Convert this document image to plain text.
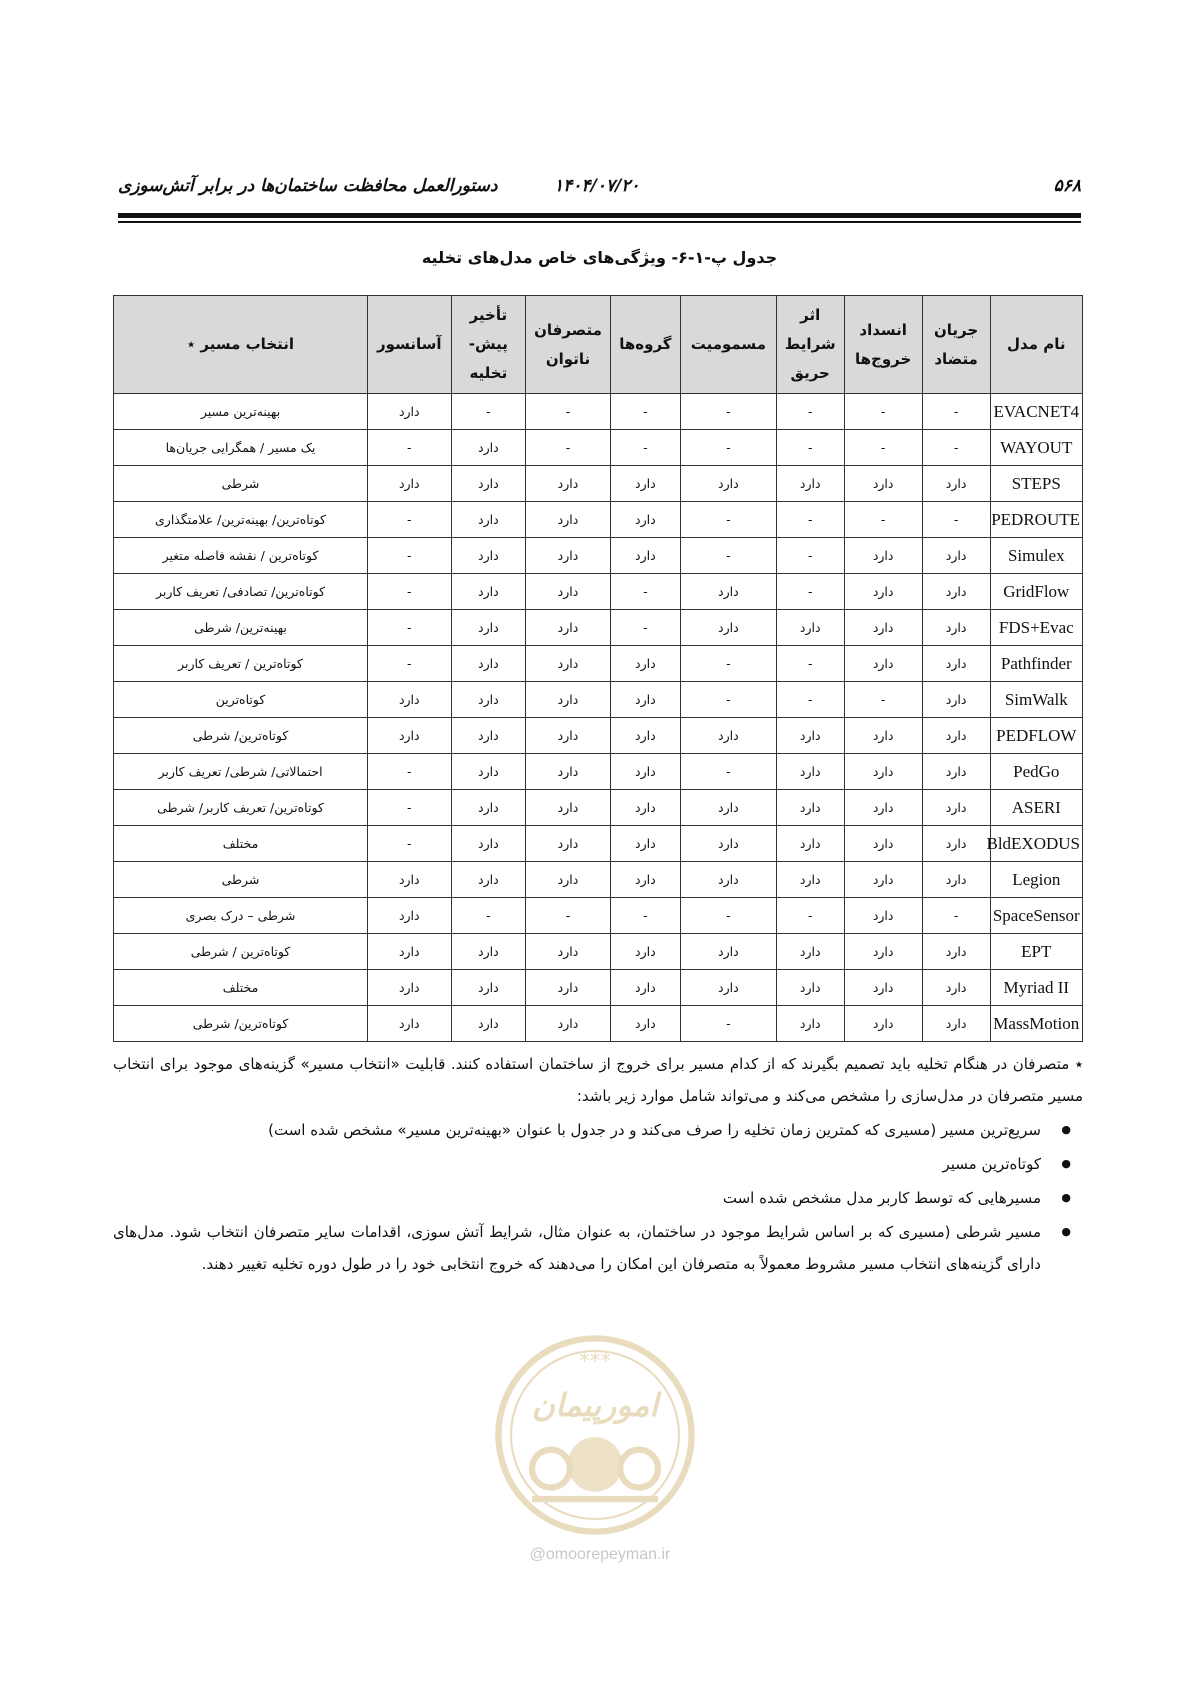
۵۶۸
۱۴۰۴/۰۷/۲۰
دستورالعمل محافظت ساختمان‌ها در برابر آتش‌سوزی
جدول پ-۱-۶- ویژگی‌های خاص مدل‌های تخلیه
نام مدل	جریان متضاد	انسداد خروج‌ها	اثر شرایط حریق	مسمومیت	گروه‌ها	متصرفان ناتوان	تأخیر پیش-تخلیه	آسانسور	انتخاب مسیر ٭
EVACNET4	-	-	-	-	-	-	-	دارد	بهینه‌ترین مسیر
WAYOUT	-	-	-	-	-	-	دارد	-	یک مسیر / همگرایی جریان‌ها
STEPS	دارد	دارد	دارد	دارد	دارد	دارد	دارد	دارد	شرطی
PEDROUTE	-	-	-	-	دارد	دارد	دارد	-	کوتاه‌ترین/ بهینه‌ترین/ علامتگذاری
Simulex	دارد	دارد	-	-	دارد	دارد	دارد	-	کوتاه‌ترین / نقشه فاصله متغیر
GridFlow	دارد	دارد	-	دارد	-	دارد	دارد	-	کوتاه‌ترین/ تصادفی/ تعریف کاربر
FDS+Evac	دارد	دارد	دارد	دارد	-	دارد	دارد	-	بهینه‌ترین/ شرطی
Pathfinder	دارد	دارد	-	-	دارد	دارد	دارد	-	کوتاه‌ترین / تعریف کاربر
SimWalk	دارد	-	-	-	دارد	دارد	دارد	دارد	کوتاه‌ترین
PEDFLOW	دارد	دارد	دارد	دارد	دارد	دارد	دارد	دارد	کوتاه‌ترین/ شرطی
PedGo	دارد	دارد	دارد	-	دارد	دارد	دارد	-	احتمالاتی/ شرطی/ تعریف کاربر
ASERI	دارد	دارد	دارد	دارد	دارد	دارد	دارد	-	کوتاه‌ترین/ تعریف کاربر/ شرطی
BldEXODUS	دارد	دارد	دارد	دارد	دارد	دارد	دارد	-	مختلف
Legion	دارد	دارد	دارد	دارد	دارد	دارد	دارد	دارد	شرطی
SpaceSensor	-	دارد	-	-	-	-	-	دارد	شرطی – درک بصری
EPT	دارد	دارد	دارد	دارد	دارد	دارد	دارد	دارد	کوتاه‌ترین / شرطی
Myriad II	دارد	دارد	دارد	دارد	دارد	دارد	دارد	دارد	مختلف
MassMotion	دارد	دارد	دارد	-	دارد	دارد	دارد	دارد	کوتاه‌ترین/ شرطی

٭ متصرفان در هنگام تخلیه باید تصمیم بگیرند که از کدام مسیر برای خروج از ساختمان استفاده کنند. قابلیت «انتخاب مسیر» گزینه‌های موجود برای انتخاب مسیر متصرفان در مدل‌سازی را مشخص می‌کند و می‌تواند شامل موارد زیر باشد:

● سریع‌ترین مسیر (مسیری که کمترین زمان تخلیه را صرف می‌کند و در جدول با عنوان «بهینه‌ترین مسیر» مشخص شده است)
● کوتاه‌ترین مسیر
● مسیرهایی که توسط کاربر مدل مشخص شده است
● مسیر شرطی (مسیری که بر اساس شرایط موجود در ساختمان، به عنوان مثال، شرایط آتش سوزی، اقدامات سایر متصرفان انتخاب شود. مدل‌های دارای گزینه‌های انتخاب مسیر مشروط معمولاً به متصرفان این امکان را می‌دهند که خروج انتخابی خود را در طول دوره تخلیه تغییر دهند.
***
امورپیمان
@omoorepeyman.ir
